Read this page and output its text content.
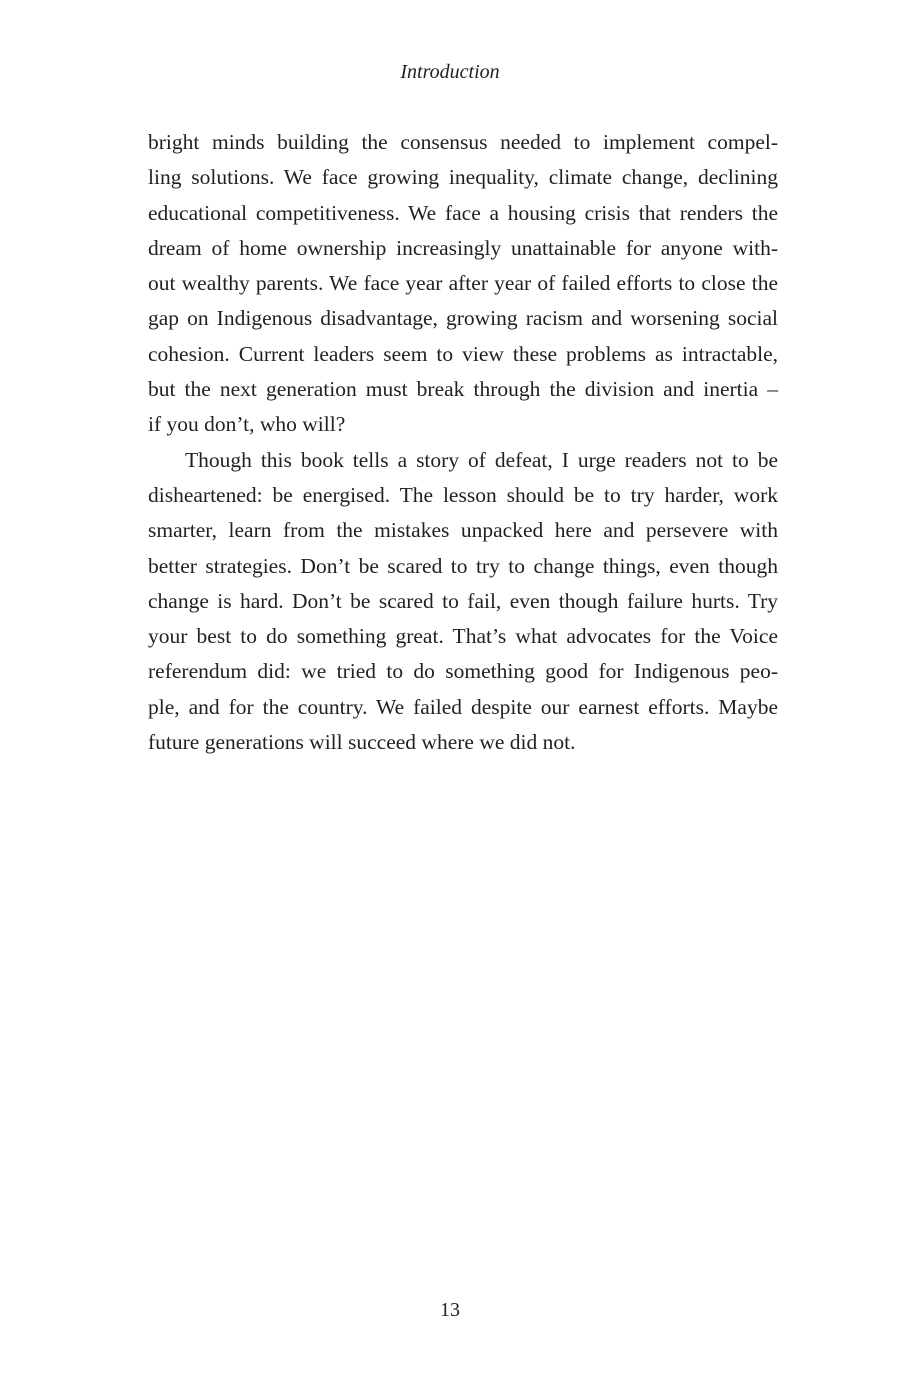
Introduction
bright minds building the consensus needed to implement compel-
ling solutions. We face growing inequality, climate change, declining
educational competitiveness. We face a housing crisis that renders the
dream of home ownership increasingly unattainable for anyone with-
out wealthy parents. We face year after year of failed efforts to close the
gap on Indigenous disadvantage, growing racism and worsening social
cohesion. Current leaders seem to view these problems as intractable,
but the next generation must break through the division and inertia –
if you don’t, who will?
Though this book tells a story of defeat, I urge readers not to be
disheartened: be energised. The lesson should be to try harder, work
smarter, learn from the mistakes unpacked here and persevere with
better strategies. Don’t be scared to try to change things, even though
change is hard. Don’t be scared to fail, even though failure hurts. Try
your best to do something great. That’s what advocates for the Voice
referendum did: we tried to do something good for Indigenous peo-
ple, and for the country. We failed despite our earnest efforts. Maybe
future generations will succeed where we did not.
13
